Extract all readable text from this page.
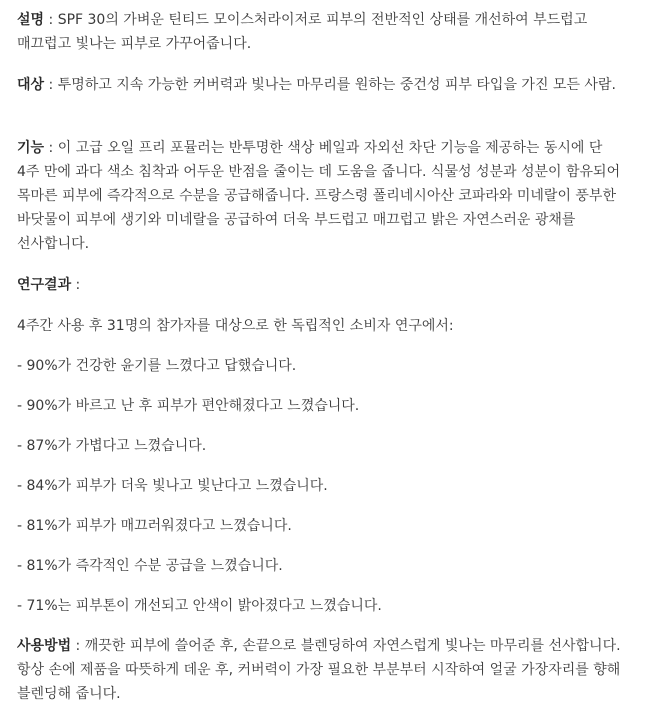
설명 : SPF 30의 가벼운 틴티드 모이스처라이저로 피부의 전반적인 상태를 개선하여 부드럽고 매끄럽고 빛나는 피부로 가꾸어줍니다.

대상 : 투명하고 지속 가능한 커버력과 빛나는 마무리를 원하는 중건성 피부 타입을 가진 모든 사람.

기능 : 이 고급 오일 프리 포뮬러는 반투명한 색상 베일과 자외선 차단 기능을 제공하는 동시에 단 4주 만에 과다 색소 침착과 어두운 반점을 줄이는 데 도움을 줍니다. 식물성 성분과 성분이 함유되어 목마른 피부에 즉각적으로 수분을 공급해줍니다. 프랑스령 폴리네시아산 코파라와 미네랄이 풍부한 바닷물이 피부에 생기와 미네랄을 공급하여 더욱 부드럽고 매끄럽고 밝은 자연스러운 광채를 선사합니다.

연구결과 :

4주간 사용 후 31명의 참가자를 대상으로 한 독립적인 소비자 연구에서:

- 90%가 건강한 윤기를 느꼈다고 답했습니다.

- 90%가 바르고 난 후 피부가 편안해졌다고 느꼈습니다.

- 87%가 가볍다고 느꼈습니다.

- 84%가 피부가 더욱 빛나고 빛난다고 느꼈습니다.

- 81%가 피부가 매끄러워졌다고 느꼈습니다.

- 81%가 즉각적인 수분 공급을 느꼈습니다.

- 71%는 피부톤이 개선되고 안색이 밝아졌다고 느꼈습니다.

사용방법 : 깨끗한 피부에 쓸어준 후, 손끝으로 블렌딩하여 자연스럽게 빛나는 마무리를 선사합니다. 항상 손에 제품을 따뜻하게 데운 후, 커버력이 가장 필요한 부분부터 시작하여 얼굴 가장자리를 향해 블렌딩해 줍니다.
